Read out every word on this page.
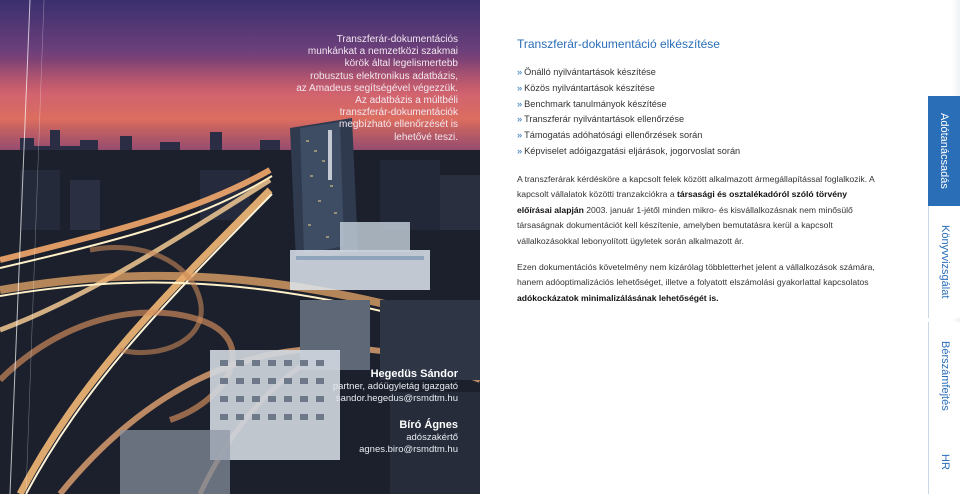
Transzferár-dokumentációs
munkánkat a nemzetközi szakmai
körök által legelismertebb
robusztus elektronikus adatbázis,
az Amadeus segítségével végezzük.
Az adatbázis a múltbéli
transzferár-dokumentációk
megbízható ellenőrzését is
lehetővé teszi.
Hegedüs Sándor
partner, adóügyletág igazgató
sandor.hegedus@rsmdtm.hu
Bíró Ágnes
adószakértő
agnes.biro@rsmdtm.hu
Transzferár-dokumentáció elkészítése
» Önálló nyilvántartások készítése
» Közös nyilvántartások készítése
» Benchmark tanulmányok készítése
» Transzferár nyilvántartások ellenőrzése
» Támogatás adóhatósági ellenőrzések során
» Képviselet adóigazgatási eljárások, jogorvoslat során

A transzferárak kérdésköre a kapcsolt felek között alkalmazott ármegállapítással foglalkozik. A kapcsolt vállalatok közötti tranzakciókra a társasági és osztalékadóról szóló törvény előírásai alapján 2003. január 1-jétől minden mikro- és kisvállalkozásnak nem minősülő társaságnak dokumentációt kell készítenie, amelyben bemutatásra kerül a kapcsolt vállalkozásokkal lebonyolított ügyletek során alkalmazott ár.

Ezen dokumentációs követelmény nem kizárólag többletterhet jelent a vállalkozások számára, hanem adóoptimalizációs lehetőséget, illetve a folyatott elszámolási gyakorlattal kapcsolatos adókockázatok minimalizálásának lehetőségét is.

Adótanácsadás
Könyvvizsgálat
Bérszámfejtés
HR
